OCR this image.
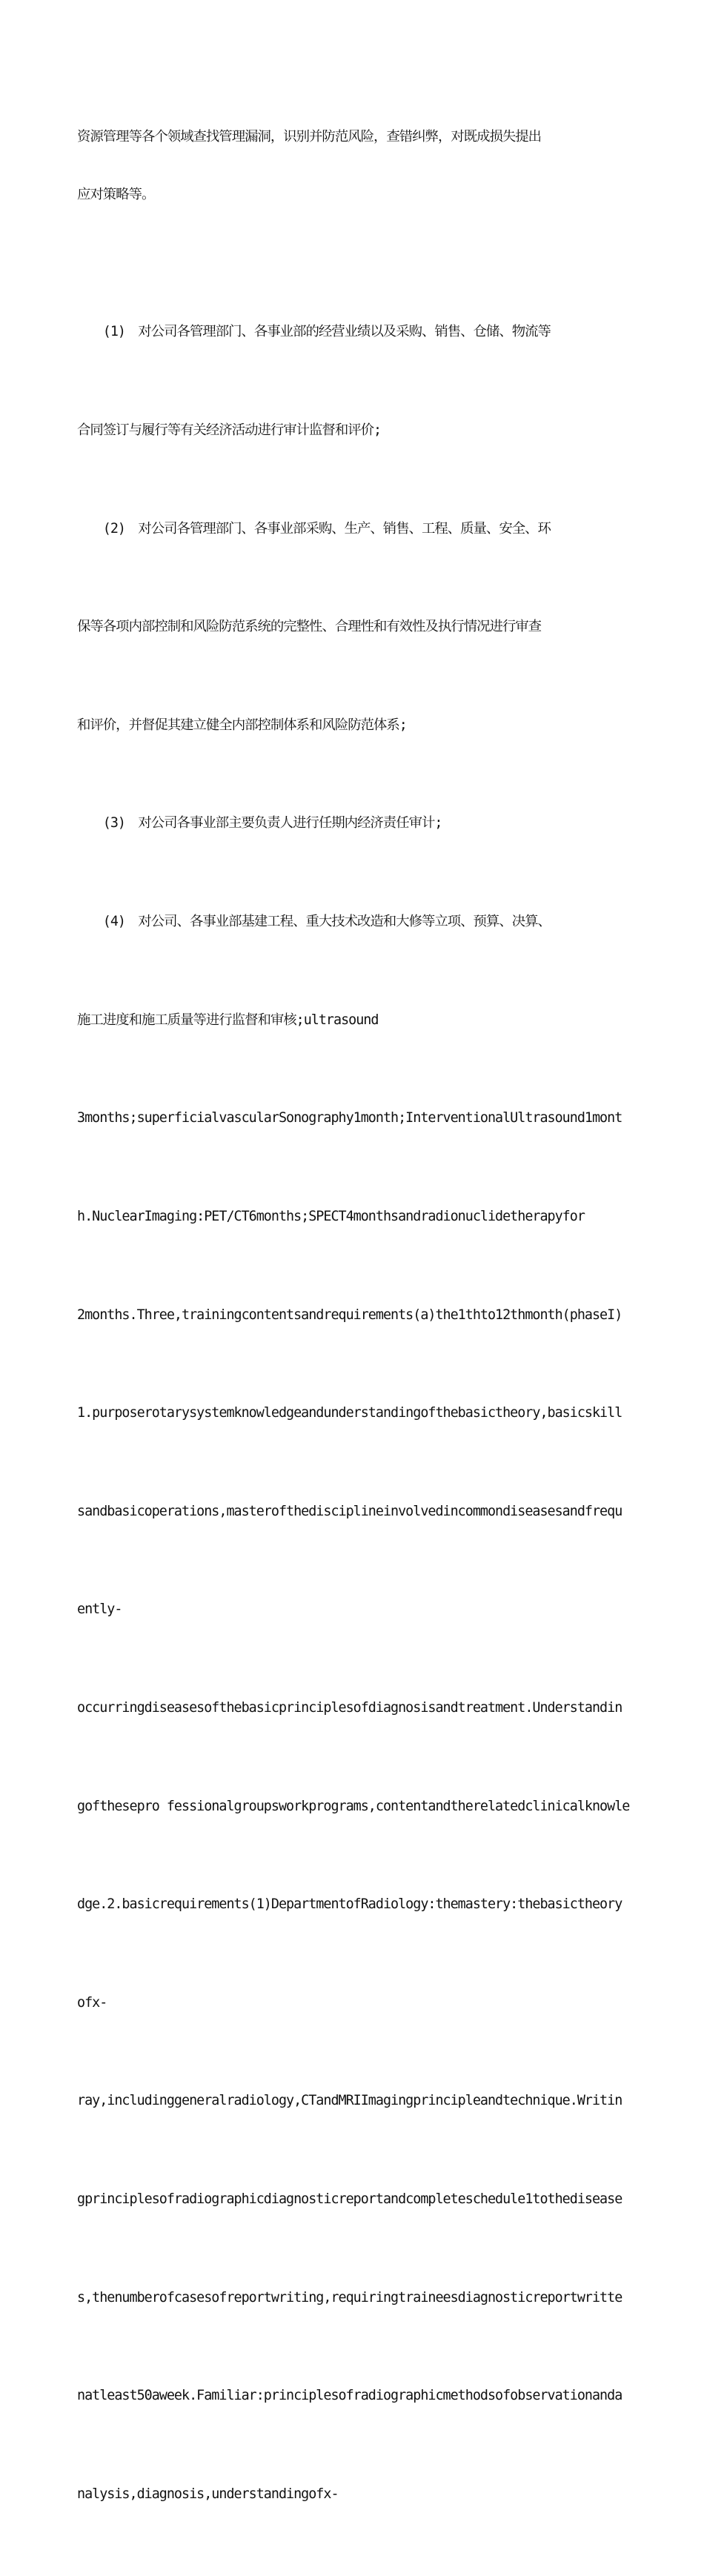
资源管理等各个领域查找管理漏洞，识别并防范风险，查错纠弊，对既成损失提出

应对策略等。

　　(1)　对公司各管理部门、各事业部的经营业绩以及采购、销售、仓储、物流等

合同签订与履行等有关经济活动进行审计监督和评价;

　　(2)　对公司各管理部门、各事业部采购、生产、销售、工程、质量、安全、环

保等各项内部控制和风险防范系统的完整性、合理性和有效性及执行情况进行审查

和评价，并督促其建立健全内部控制体系和风险防范体系;

　　(3)　对公司各事业部主要负责人进行任期内经济责任审计;

　　(4)　对公司、各事业部基建工程、重大技术改造和大修等立项、预算、决算、

施工进度和施工质量等进行监督和审核;ultrasound

3months;superficialvascularSonography1month;InterventionalUltrasound1mont

h.NuclearImaging:PET/CT6months;SPECT4monthsandradionuclidetherapyfor

2months.Three,trainingcontentsandrequirements(a)the1thto12thmonth(phaseI)

1.purposerotarysystemknowledgeandunderstandingofthebasictheory,basicskill

sandbasicoperations,masterofthedisciplineinvolvedincommondiseasesandfrequ

ently-

occurringdiseasesofthebasicprinciplesofdiagnosisandtreatment.Understandin

gofthesepro fessionalgroupsworkprograms,contentandtherelatedclinicalknowle

dge.2.basicrequirements(1)DepartmentofRadiology:themastery:thebasictheory

ofx-

ray,includinggeneralradiology,CTandMRIImagingprincipleandtechnique.Writin

gprinciplesofradiographicdiagnosticreportandcompleteschedule1tothedisease

s,thenumberofcasesofreportwriting,requiringtraineesdiagnosticreportwritte

natleast50aweek.Familiar:principlesofradiographicmethodsofobservationanda

nalysis,diagnosis,understandingofx-
